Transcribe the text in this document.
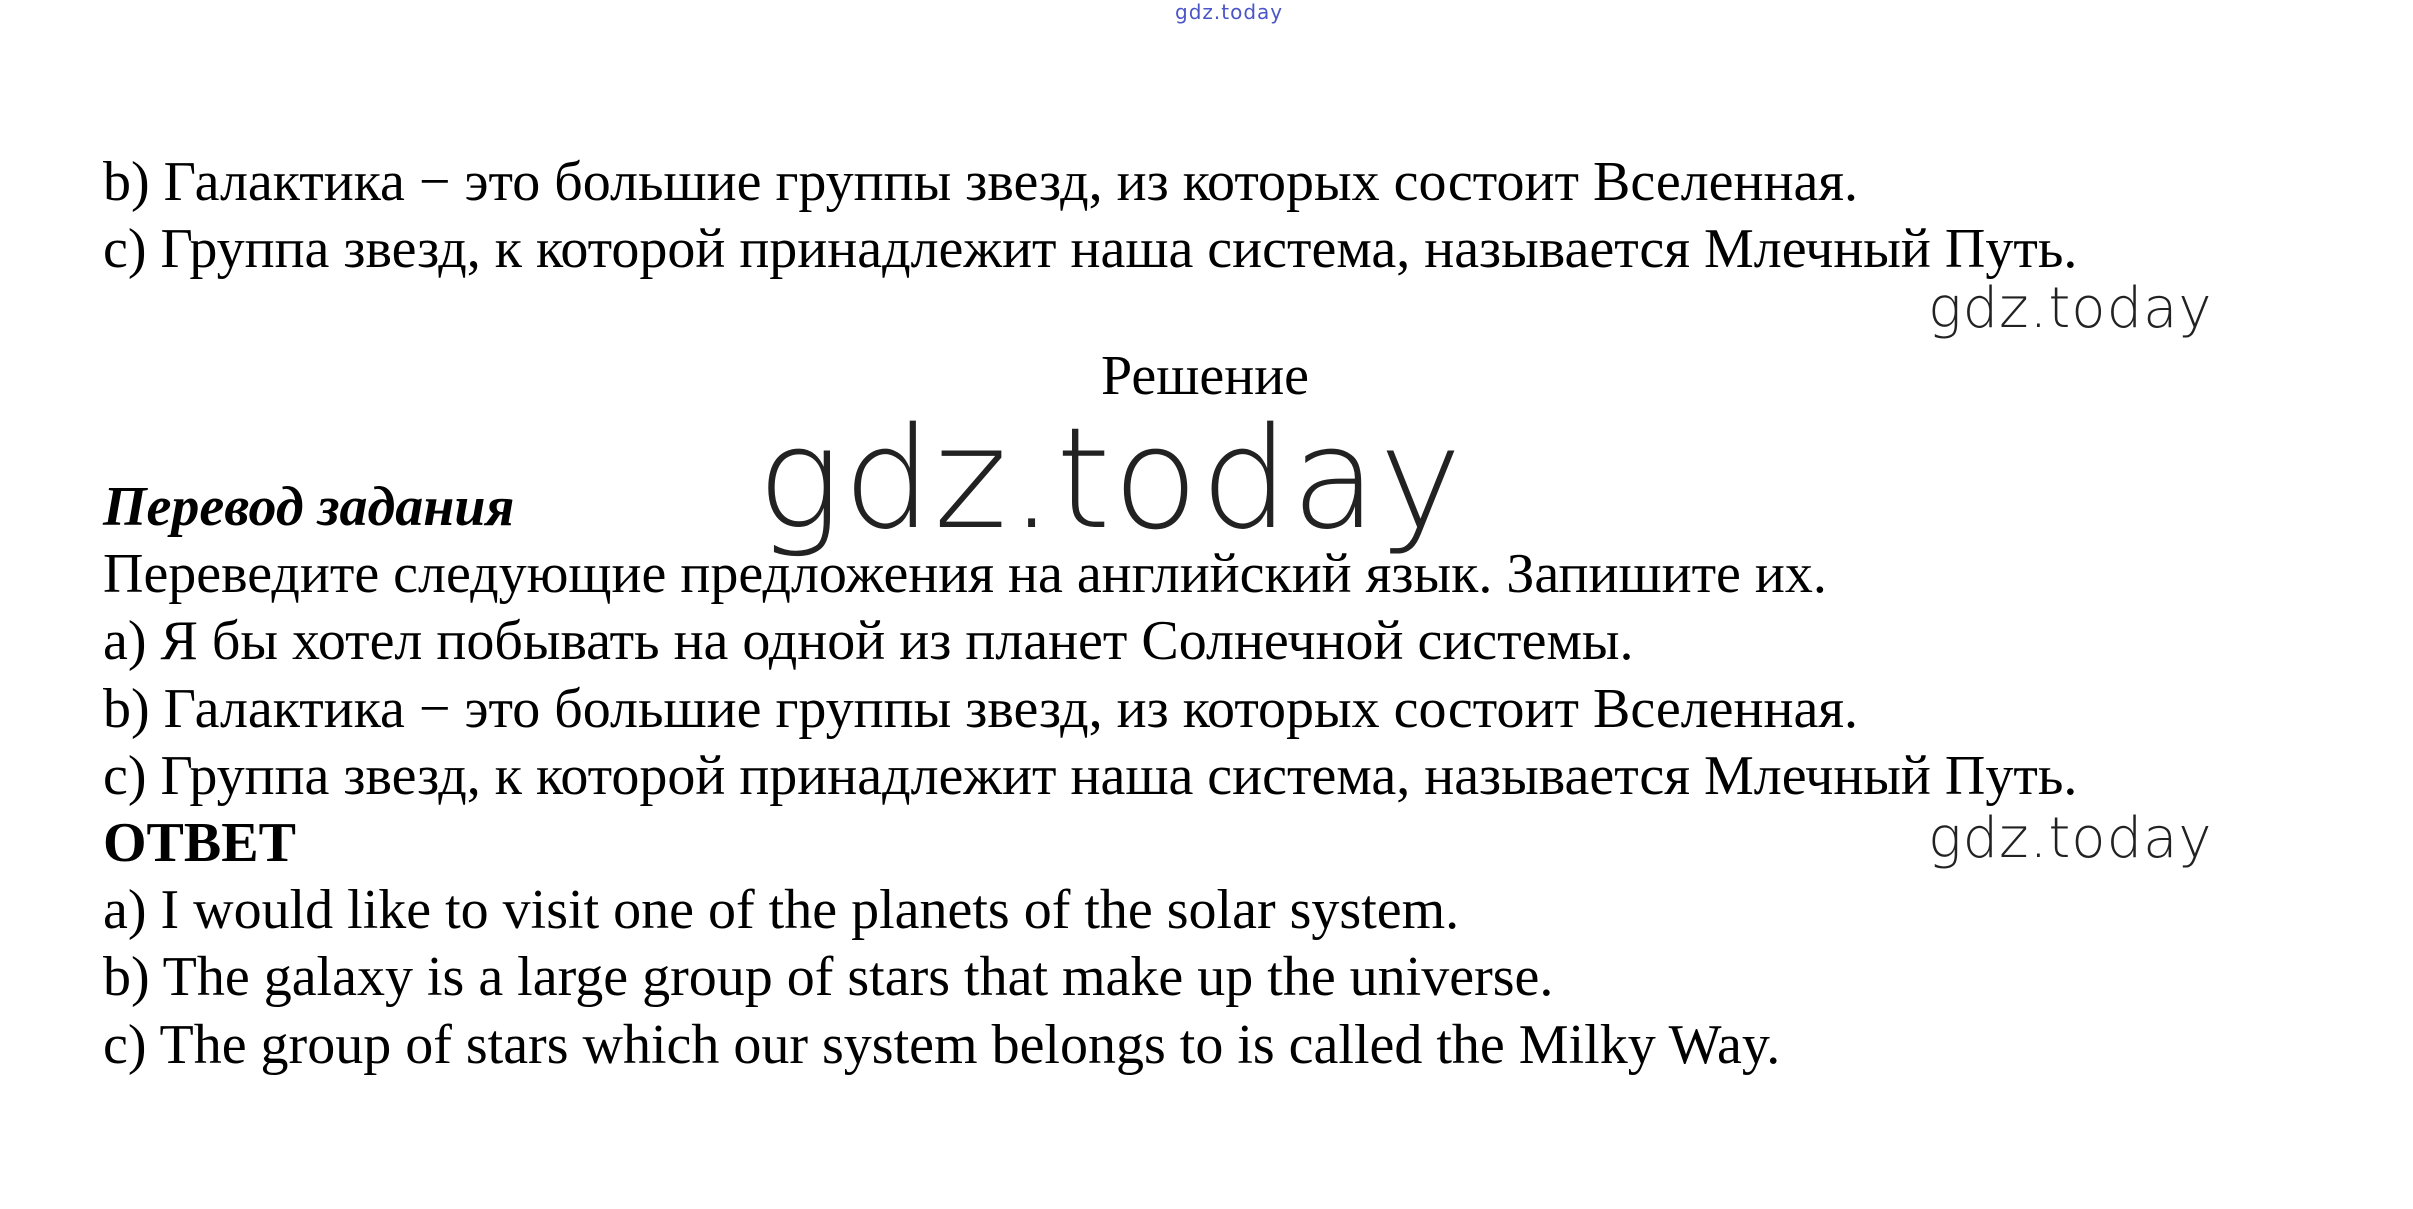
gdz.today
b) Галактика − это большие группы звезд, из которых состоит Вселенная.
c) Группа звезд, к которой принадлежит наша система, называется Млечный Путь.
gdz.today
Решение
gdz.today
Перевод задания
Переведите следующие предложения на английский язык. Запишите их.
a) Я бы хотел побывать на одной из планет Солнечной системы.
b) Галактика − это большие группы звезд, из которых состоит Вселенная.
c) Группа звезд, к которой принадлежит наша система, называется Млечный Путь.
ОТВЕТ	gdz.today
a) I would like to visit one of the planets of the solar system.
b) The galaxy is a large group of stars that make up the universe.
c) The group of stars which our system belongs to is called the Milky Way.
